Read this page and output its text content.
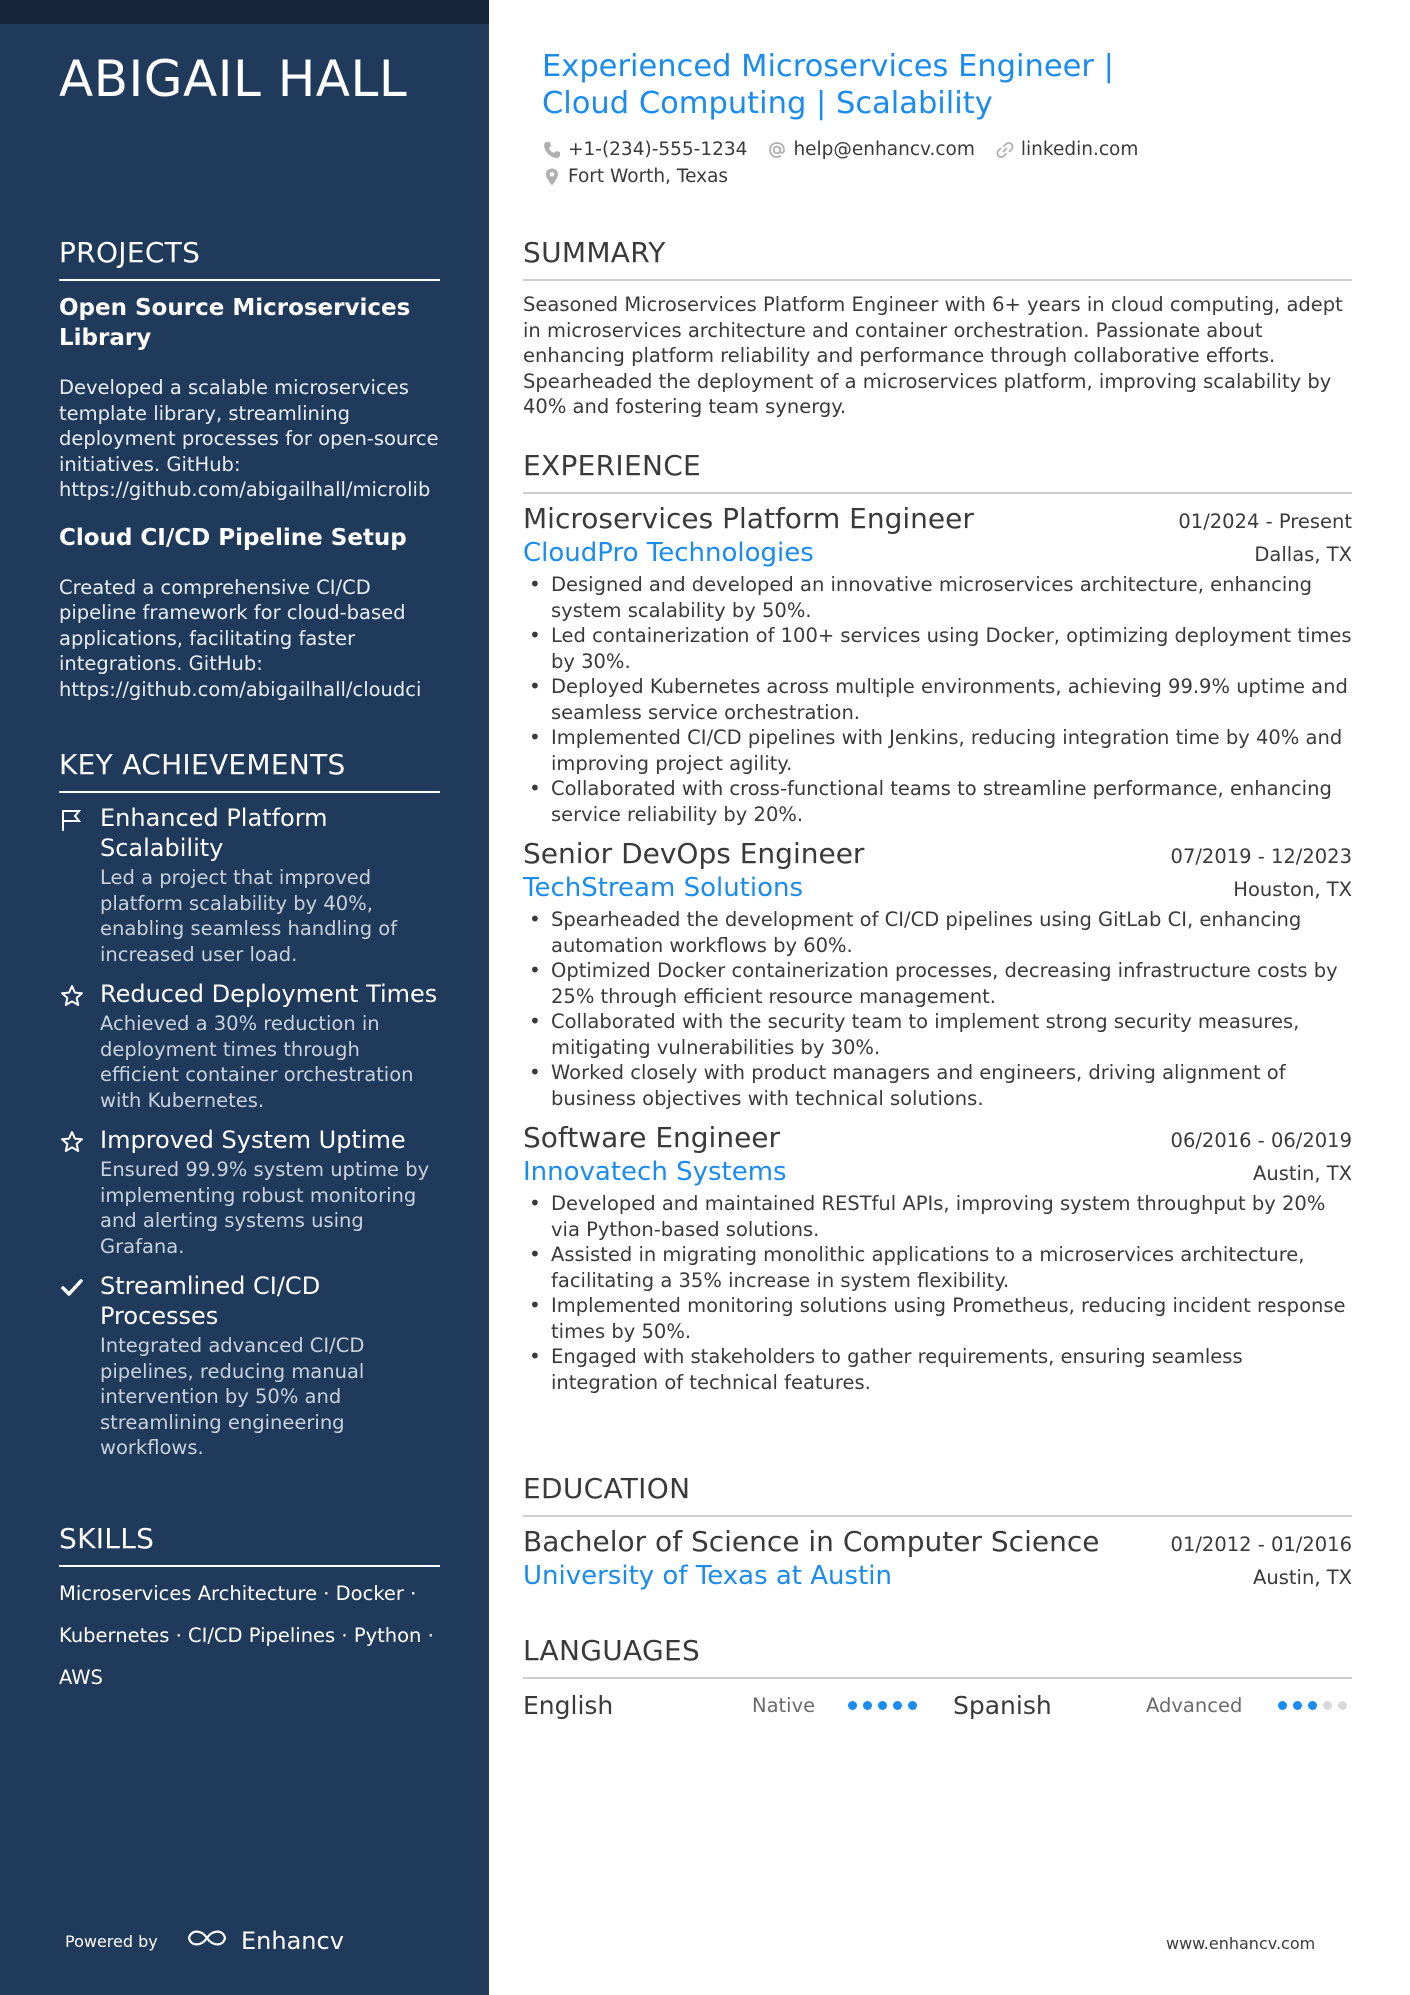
ABIGAIL HALL
PROJECTS
Open Source Microservices Library
Developed a scalable microservices template library, streamlining deployment processes for open-source initiatives. GitHub: https://github.com/abigailhall/microlib
Cloud CI/CD Pipeline Setup
Created a comprehensive CI/CD pipeline framework for cloud-based applications, facilitating faster integrations. GitHub: https://github.com/abigailhall/cloudci
KEY ACHIEVEMENTS
Enhanced Platform Scalability
Led a project that improved platform scalability by 40%, enabling seamless handling of increased user load.
Reduced Deployment Times
Achieved a 30% reduction in deployment times through efficient container orchestration with Kubernetes.
Improved System Uptime
Ensured 99.9% system uptime by implementing robust monitoring and alerting systems using Grafana.
Streamlined CI/CD Processes
Integrated advanced CI/CD pipelines, reducing manual intervention by 50% and streamlining engineering workflows.
SKILLS
Microservices Architecture · Docker ·
Kubernetes · CI/CD Pipelines · Python ·
AWS
Powered by	Enhancv
Experienced Microservices Engineer | Cloud Computing | Scalability
+1-(234)-555-1234 help@enhancv.com linkedin.com
Fort Worth, Texas
SUMMARY
Seasoned Microservices Platform Engineer with 6+ years in cloud computing, adept in microservices architecture and container orchestration. Passionate about enhancing platform reliability and performance through collaborative efforts. Spearheaded the deployment of a microservices platform, improving scalability by 40% and fostering team synergy.
EXPERIENCE
Microservices Platform Engineer	01/2024 - Present
CloudPro Technologies	Dallas, TX
• Designed and developed an innovative microservices architecture, enhancing system scalability by 50%.
• Led containerization of 100+ services using Docker, optimizing deployment times by 30%.
• Deployed Kubernetes across multiple environments, achieving 99.9% uptime and seamless service orchestration.
• Implemented CI/CD pipelines with Jenkins, reducing integration time by 40% and improving project agility.
• Collaborated with cross-functional teams to streamline performance, enhancing service reliability by 20%.
Senior DevOps Engineer	07/2019 - 12/2023
TechStream Solutions	Houston, TX
• Spearheaded the development of CI/CD pipelines using GitLab CI, enhancing automation workflows by 60%.
• Optimized Docker containerization processes, decreasing infrastructure costs by 25% through efficient resource management.
• Collaborated with the security team to implement strong security measures, mitigating vulnerabilities by 30%.
• Worked closely with product managers and engineers, driving alignment of business objectives with technical solutions.
Software Engineer	06/2016 - 06/2019
Innovatech Systems	Austin, TX
• Developed and maintained RESTful APIs, improving system throughput by 20% via Python-based solutions.
• Assisted in migrating monolithic applications to a microservices architecture, facilitating a 35% increase in system flexibility.
• Implemented monitoring solutions using Prometheus, reducing incident response times by 50%.
• Engaged with stakeholders to gather requirements, ensuring seamless integration of technical features.
EDUCATION
Bachelor of Science in Computer Science	01/2012 - 01/2016
University of Texas at Austin	Austin, TX
LANGUAGES
English	Native	Spanish	Advanced
www.enhancv.com
